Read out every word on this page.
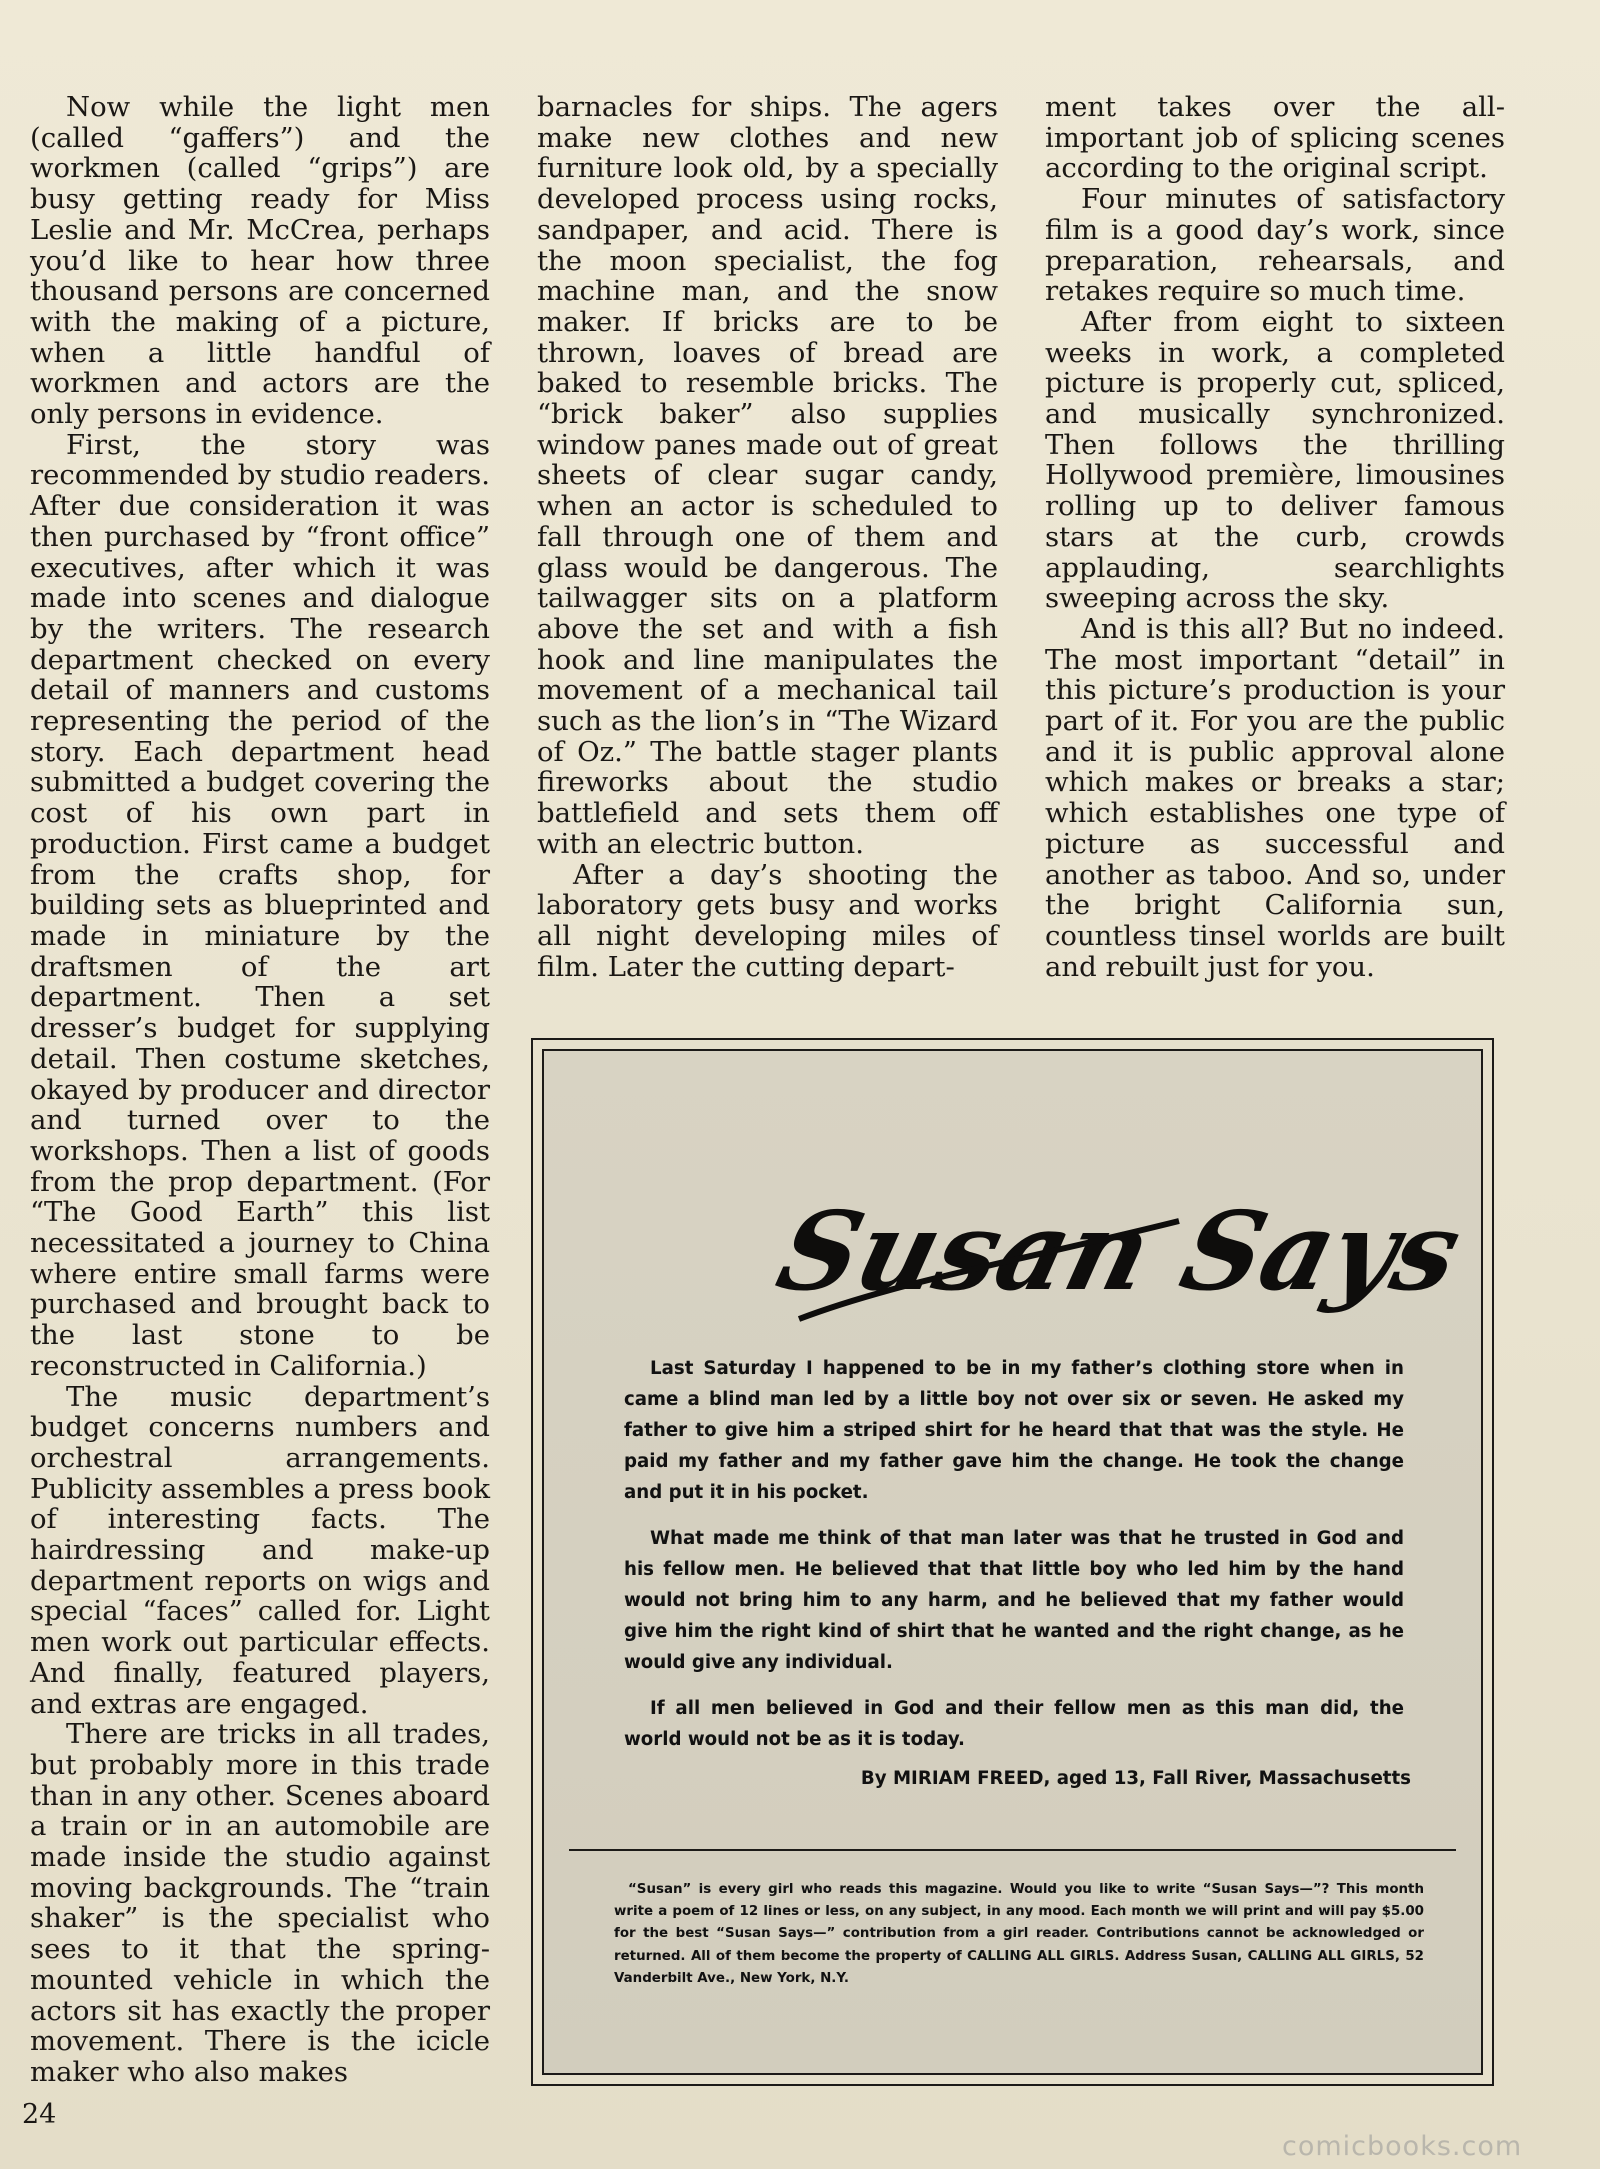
Now while the light men (called “gaffers”) and the workmen (called “grips”) are busy getting ready for Miss Leslie and Mr. McCrea, perhaps you’d like to hear how three thousand persons are concerned with the making of a picture, when a little handful of workmen and actors are the only persons in evidence.

First, the story was recommended by studio readers. After due consideration it was then purchased by “front office” executives, after which it was made into scenes and dialogue by the writers. The research department checked on every detail of manners and customs representing the period of the story. Each department head submitted a budget covering the cost of his own part in production. First came a budget from the crafts shop, for building sets as blueprinted and made in miniature by the draftsmen of the art department. Then a set dresser’s budget for supplying detail. Then costume sketches, okayed by producer and director and turned over to the workshops. Then a list of goods from the prop department. (For “The Good Earth” this list necessitated a journey to China where entire small farms were purchased and brought back to the last stone to be reconstructed in California.)

The music department’s budget concerns numbers and orchestral arrangements. Publicity assembles a press book of interesting facts. The hairdressing and make-up department reports on wigs and special “faces” called for. Light men work out particular effects. And finally, featured players, and extras are engaged.

There are tricks in all trades, but probably more in this trade than in any other. Scenes aboard a train or in an automobile are made inside the studio against moving backgrounds. The “train shaker” is the specialist who sees to it that the spring-mounted vehicle in which the actors sit has exactly the proper movement. There is the icicle maker who also makes

barnacles for ships. The agers make new clothes and new furniture look old, by a specially developed process using rocks, sandpaper, and acid. There is the moon specialist, the fog machine man, and the snow maker. If bricks are to be thrown, loaves of bread are baked to resemble bricks. The “brick baker” also supplies window panes made out of great sheets of clear sugar candy, when an actor is scheduled to fall through one of them and glass would be dangerous. The tailwagger sits on a platform above the set and with a fish hook and line manipulates the movement of a mechanical tail such as the lion’s in “The Wizard of Oz.” The battle stager plants fireworks about the studio battlefield and sets them off with an electric button.

After a day’s shooting the laboratory gets busy and works all night developing miles of film. Later the cutting depart-

ment takes over the all-important job of splicing scenes according to the original script.

Four minutes of satisfactory film is a good day’s work, since preparation, rehearsals, and retakes require so much time.

After from eight to sixteen weeks in work, a completed picture is properly cut, spliced, and musically synchronized. Then follows the thrilling Hollywood première, limousines rolling up to deliver famous stars at the curb, crowds applauding, searchlights sweeping across the sky.

And is this all? But no indeed. The most important “detail” in this picture’s production is your part of it. For you are the public and it is public approval alone which makes or breaks a star; which establishes one type of picture as successful and another as taboo. And so, under the bright California sun, countless tinsel worlds are built and rebuilt just for you.

Susan Says

Last Saturday I happened to be in my father’s clothing store when in came a blind man led by a little boy not over six or seven. He asked my father to give him a striped shirt for he heard that that was the style. He paid my father and my father gave him the change. He took the change and put it in his pocket.

What made me think of that man later was that he trusted in God and his fellow men. He believed that that little boy who led him by the hand would not bring him to any harm, and he believed that my father would give him the right kind of shirt that he wanted and the right change, as he would give any individual.

If all men believed in God and their fellow men as this man did, the world would not be as it is today.

By MIRIAM FREED, aged 13, Fall River, Massachusetts

“Susan” is every girl who reads this magazine. Would you like to write “Susan Says—”? This month write a poem of 12 lines or less, on any subject, in any mood. Each month we will print and will pay $5.00 for the best “Susan Says—” contribution from a girl reader. Contributions cannot be acknowledged or returned. All of them become the property of CALLING ALL GIRLS. Address Susan, CALLING ALL GIRLS, 52 Vanderbilt Ave., New York, N.Y.

24
comicbooks.com
